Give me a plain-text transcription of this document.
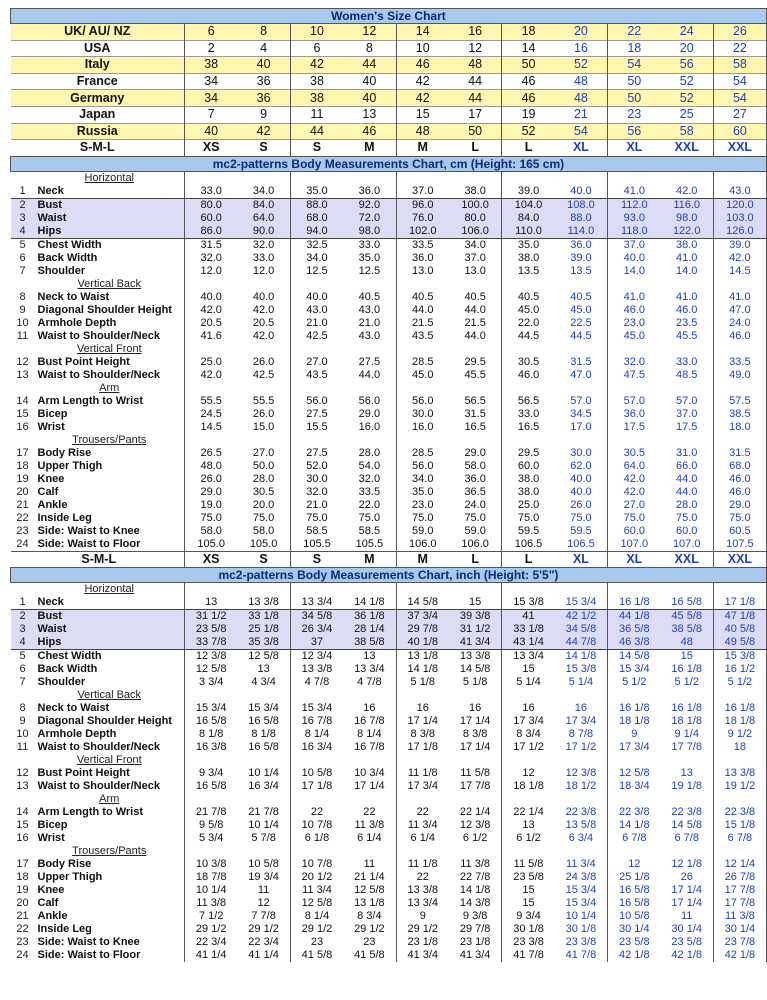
Women's Size Chart												
UK/ AU/ NZ		6	8	10	12	14	16	18	20	22	24	26
USA		2	4	6	8	10	12	14	16	18	20	22
Italy		38	40	42	44	46	48	50	52	54	56	58
France		34	36	38	40	42	44	46	48	50	52	54
Germany		34	36	38	40	42	44	46	48	50	52	54
Japan		7	9	11	13	15	17	19	21	23	25	27
Russia		40	42	44	46	48	50	52	54	56	58	60
S-M-L		XS	S	S	M	M	L	L	XL	XL	XXL	XXL
mc2-patterns Body Measurements Chart, cm (Height: 165 cm)												
	Horizontal											
1	Neck	33.0	34.0	35.0	36.0	37.0	38.0	39.0	40.0	41.0	42.0	43.0
2	Bust	80.0	84.0	88.0	92.0	96.0	100.0	104.0	108.0	112.0	116.0	120.0
3	Waist	60.0	64.0	68.0	72.0	76.0	80.0	84.0	88.0	93.0	98.0	103.0
4	Hips	86.0	90.0	94.0	98.0	102.0	106.0	110.0	114.0	118.0	122.0	126.0
5	Chest Width	31.5	32.0	32.5	33.0	33.5	34.0	35.0	36.0	37.0	38.0	39.0
6	Back Width	32.0	33.0	34.0	35.0	36.0	37.0	38.0	39.0	40.0	41.0	42.0
7	Shoulder	12.0	12.0	12.5	12.5	13.0	13.0	13.5	13.5	14.0	14.0	14.5
	Vertical Back											
8	Neck to Waist	40.0	40.0	40.0	40.5	40.5	40.5	40.5	40.5	41.0	41.0	41.0
9	Diagonal Shoulder Height	42.0	42.0	43.0	43.0	44.0	44.0	45.0	45.0	46.0	46.0	47.0
10	Armhole Depth	20.5	20.5	21.0	21.0	21.5	21.5	22.0	22.5	23.0	23.5	24.0
11	Waist to Shoulder/Neck	41.6	42.0	42.5	43.0	43.5	44.0	44.5	44.5	45.0	45.5	46.0
	Vertical Front											
12	Bust Point Height	25.0	26.0	27.0	27.5	28.5	29.5	30.5	31.5	32.0	33.0	33.5
13	Waist to Shoulder/Neck	42.0	42.5	43.5	44.0	45.0	45.5	46.0	47.0	47.5	48.5	49.0
	Arm											
14	Arm Length to Wrist	55.5	55.5	56.0	56.0	56.0	56.5	56.5	57.0	57.0	57.0	57.5
15	Bicep	24.5	26.0	27.5	29.0	30.0	31.5	33.0	34.5	36.0	37.0	38.5
16	Wrist	14.5	15.0	15.5	16.0	16.0	16.5	16.5	17.0	17.5	17.5	18.0
	Trousers/Pants											
17	Body Rise	26.5	27.0	27.5	28.0	28.5	29.0	29.5	30.0	30.5	31.0	31.5
18	Upper Thigh	48.0	50.0	52.0	54.0	56.0	58.0	60.0	62.0	64.0	66.0	68.0
19	Knee	26.0	28.0	30.0	32.0	34.0	36.0	38.0	40.0	42.0	44.0	46.0
20	Calf	29.0	30.5	32.0	33.5	35.0	36.5	38.0	40.0	42.0	44.0	46.0
21	Ankle	19.0	20.0	21.0	22.0	23.0	24.0	25.0	26.0	27.0	28.0	29.0
22	Inside Leg	75.0	75.0	75.0	75.0	75.0	75.0	75.0	75.0	75.0	75.0	75.0
23	Side: Waist to Knee	58.0	58.0	58.5	58.5	59.0	59.0	59.5	59.5	60.0	60.0	60.5
24	Side: Waist to Floor	105.0	105.0	105.5	105.5	106.0	106.0	106.5	106.5	107.0	107.0	107.5
S-M-L		XS	S	S	M	M	L	L	XL	XL	XXL	XXL
mc2-patterns Body Measurements Chart, inch (Height: 5'5")												
	Horizontal											
1	Neck	13	13 3/8	13 3/4	14 1/8	14 5/8	15	15 3/8	15 3/4	16 1/8	16 5/8	17 1/8
2	Bust	31 1/2	33 1/8	34 5/8	36 1/8	37 3/4	39 3/8	41	42 1/2	44 1/8	45 5/8	47 1/8
3	Waist	23 5/8	25 1/8	26 3/4	28 1/4	29 7/8	31 1/2	33 1/8	34 5/8	36 5/8	38 5/8	40 5/8
4	Hips	33 7/8	35 3/8	37	38 5/8	40 1/8	41 3/4	43 1/4	44 7/8	46 3/8	48	49 5/8
5	Chest Width	12 3/8	12 5/8	12 3/4	13	13 1/8	13 3/8	13 3/4	14 1/8	14 5/8	15	15 3/8
6	Back Width	12 5/8	13	13 3/8	13 3/4	14 1/8	14 5/8	15	15 3/8	15 3/4	16 1/8	16 1/2
7	Shoulder	3 3/4	4 3/4	4 7/8	4 7/8	5 1/8	5 1/8	5 1/4	5 1/4	5 1/2	5 1/2	5 1/2
	Vertical Back											
8	Neck to Waist	15 3/4	15 3/4	15 3/4	16	16	16	16	16	16 1/8	16 1/8	16 1/8
9	Diagonal Shoulder Height	16 5/8	16 5/8	16 7/8	16 7/8	17 1/4	17 1/4	17 3/4	17 3/4	18 1/8	18 1/8	18 1/8
10	Armhole Depth	8 1/8	8 1/8	8 1/4	8 1/4	8 3/8	8 3/8	8 3/4	8 7/8	9	9 1/4	9 1/2
11	Waist to Shoulder/Neck	16 3/8	16 5/8	16 3/4	16 7/8	17 1/8	17 1/4	17 1/2	17 1/2	17 3/4	17 7/8	18
	Vertical Front											
12	Bust Point Height	9 3/4	10 1/4	10 5/8	10 3/4	11 1/8	11 5/8	12	12 3/8	12 5/8	13	13 3/8
13	Waist to Shoulder/Neck	16 5/8	16 3/4	17 1/8	17 1/4	17 3/4	17 7/8	18 1/8	18 1/2	18 3/4	19 1/8	19 1/2
	Arm											
14	Arm Length to Wrist	21 7/8	21 7/8	22	22	22	22 1/4	22 1/4	22 3/8	22 3/8	22 3/8	22 3/8
15	Bicep	9 5/8	10 1/4	10 7/8	11 3/8	11 3/4	12 3/8	13	13 5/8	14 1/8	14 5/8	15 1/8
16	Wrist	5 3/4	5 7/8	6 1/8	6 1/4	6 1/4	6 1/2	6 1/2	6 3/4	6 7/8	6 7/8	6 7/8
	Trousers/Pants											
17	Body Rise	10 3/8	10 5/8	10 7/8	11	11 1/8	11 3/8	11 5/8	11 3/4	12	12 1/8	12 1/4
18	Upper Thigh	18 7/8	19 3/4	20 1/2	21 1/4	22	22 7/8	23 5/8	24 3/8	25 1/8	26	26 7/8
19	Knee	10 1/4	11	11 3/4	12 5/8	13 3/8	14 1/8	15	15 3/4	16 5/8	17 1/4	17 7/8
20	Calf	11 3/8	12	12 5/8	13 1/8	13 3/4	14 3/8	15	15 3/4	16 5/8	17 1/4	17 7/8
21	Ankle	7 1/2	7 7/8	8 1/4	8 3/4	9	9 3/8	9 3/4	10 1/4	10 5/8	11	11 3/8
22	Inside Leg	29 1/2	29 1/2	29 1/2	29 1/2	29 1/2	29 7/8	30 1/8	30 1/8	30 1/4	30 1/4	30 1/4
23	Side: Waist to Knee	22 3/4	22 3/4	23	23	23 1/8	23 1/8	23 3/8	23 3/8	23 5/8	23 5/8	23 7/8
24	Side: Waist to Floor	41 1/4	41 1/4	41 5/8	41 5/8	41 3/4	41 3/4	41 7/8	41 7/8	42 1/8	42 1/8	42 1/8
